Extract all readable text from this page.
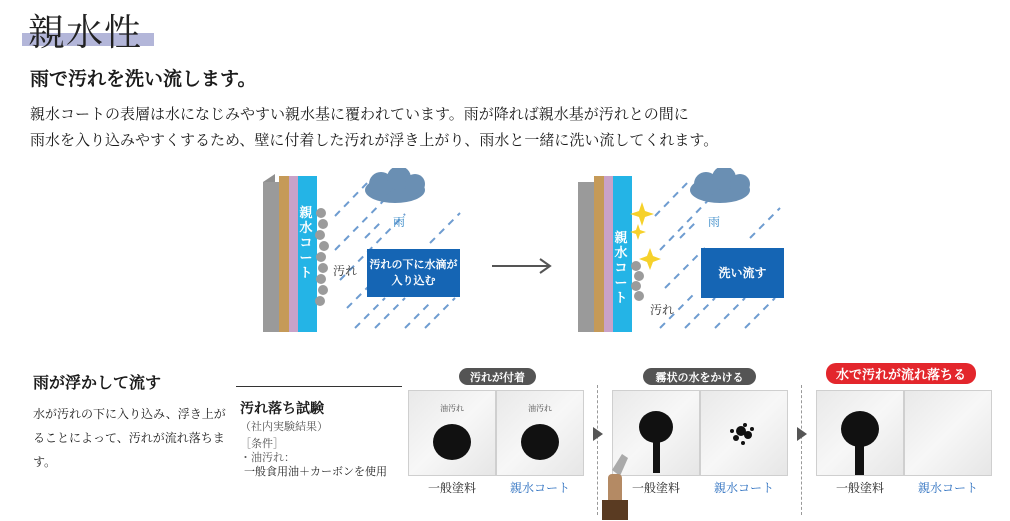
親水性
雨で汚れを洗い流します。
親水コートの表層は水になじみやすい親水基に覆われています。雨が降れば親水基が汚れとの間に
雨水を入り込みやすくするため、壁に付着した汚れが浮き上がり、雨水と一緒に洗い流してくれます。
親水コート
雨
汚れ 汚れの下に水滴が入り込む
親水コート
雨
汚れ
洗い流す
雨が浮かして流す
水が汚れの下に入り込み、浮き上がることによって、汚れが流れ落ちます。
汚れ落ち試験
（社内実験結果）
［条件］
・油汚れ：
一般食用油＋カーボンを使用
汚れが付着	霧状の水をかける	水で汚れが流れ落ちる
油汚れ	油汚れ
一般塗料	親水コート	一般塗料	親水コート	一般塗料	親水コート
